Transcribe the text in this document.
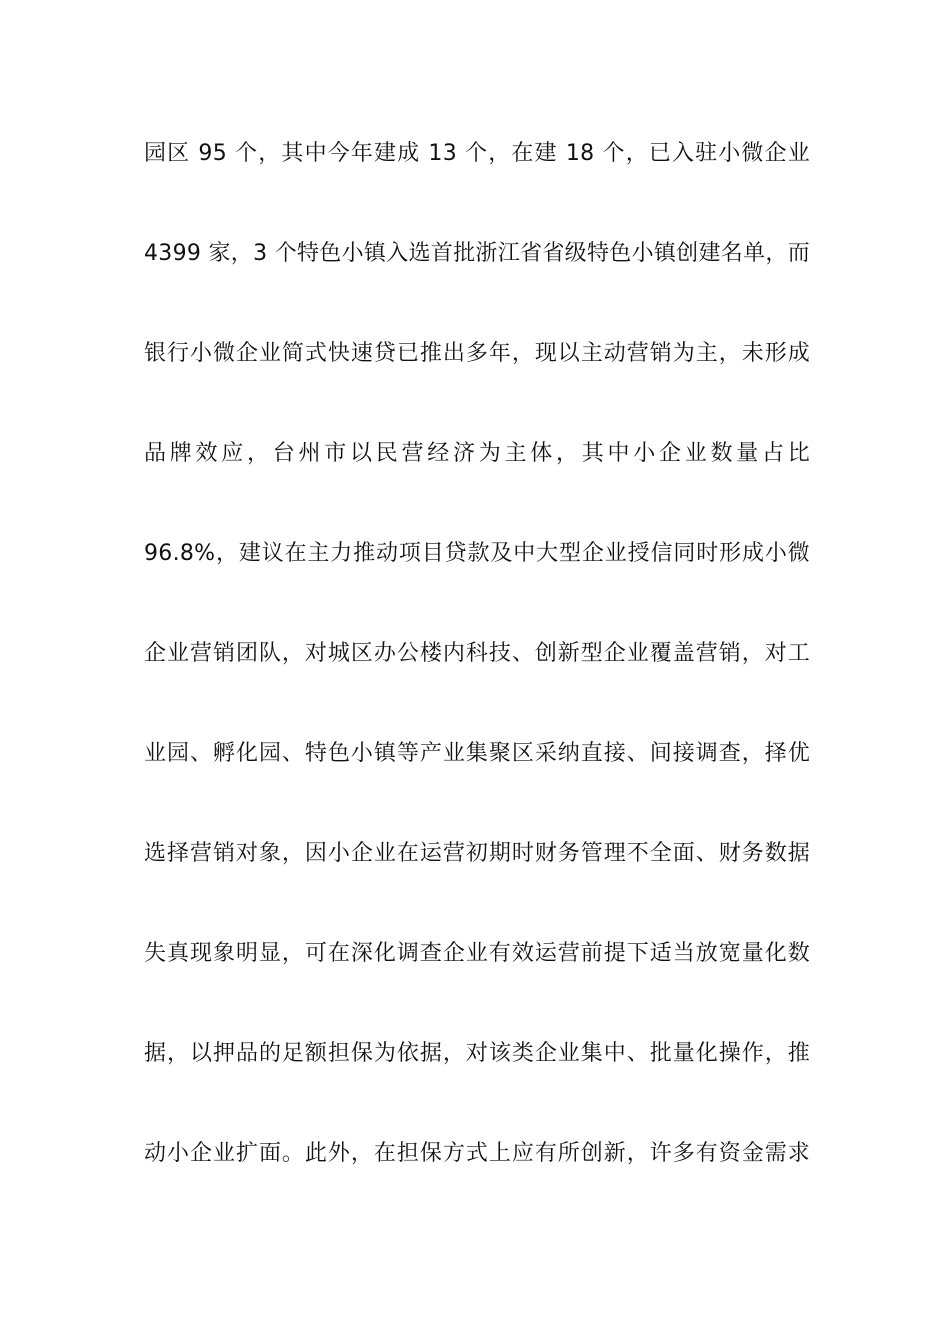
园区 95 个，其中今年建成 13 个，在建 18 个，已入驻小微企业
4399 家，3 个特色小镇入选首批浙江省省级特色小镇创建名单，而
银行小微企业简式快速贷已推出多年，现以主动营销为主，未形成
品牌效应，台州市以民营经济为主体，其中小企业数量占比
96.8%，建议在主力推动项目贷款及中大型企业授信同时形成小微
企业营销团队，对城区办公楼内科技、创新型企业覆盖营销，对工
业园、孵化园、特色小镇等产业集聚区采纳直接、间接调查，择优
选择营销对象，因小企业在运营初期时财务管理不全面、财务数据
失真现象明显，可在深化调查企业有效运营前提下适当放宽量化数
据，以押品的足额担保为依据，对该类企业集中、批量化操作，推
动小企业扩面。此外，在担保方式上应有所创新，许多有资金需求
